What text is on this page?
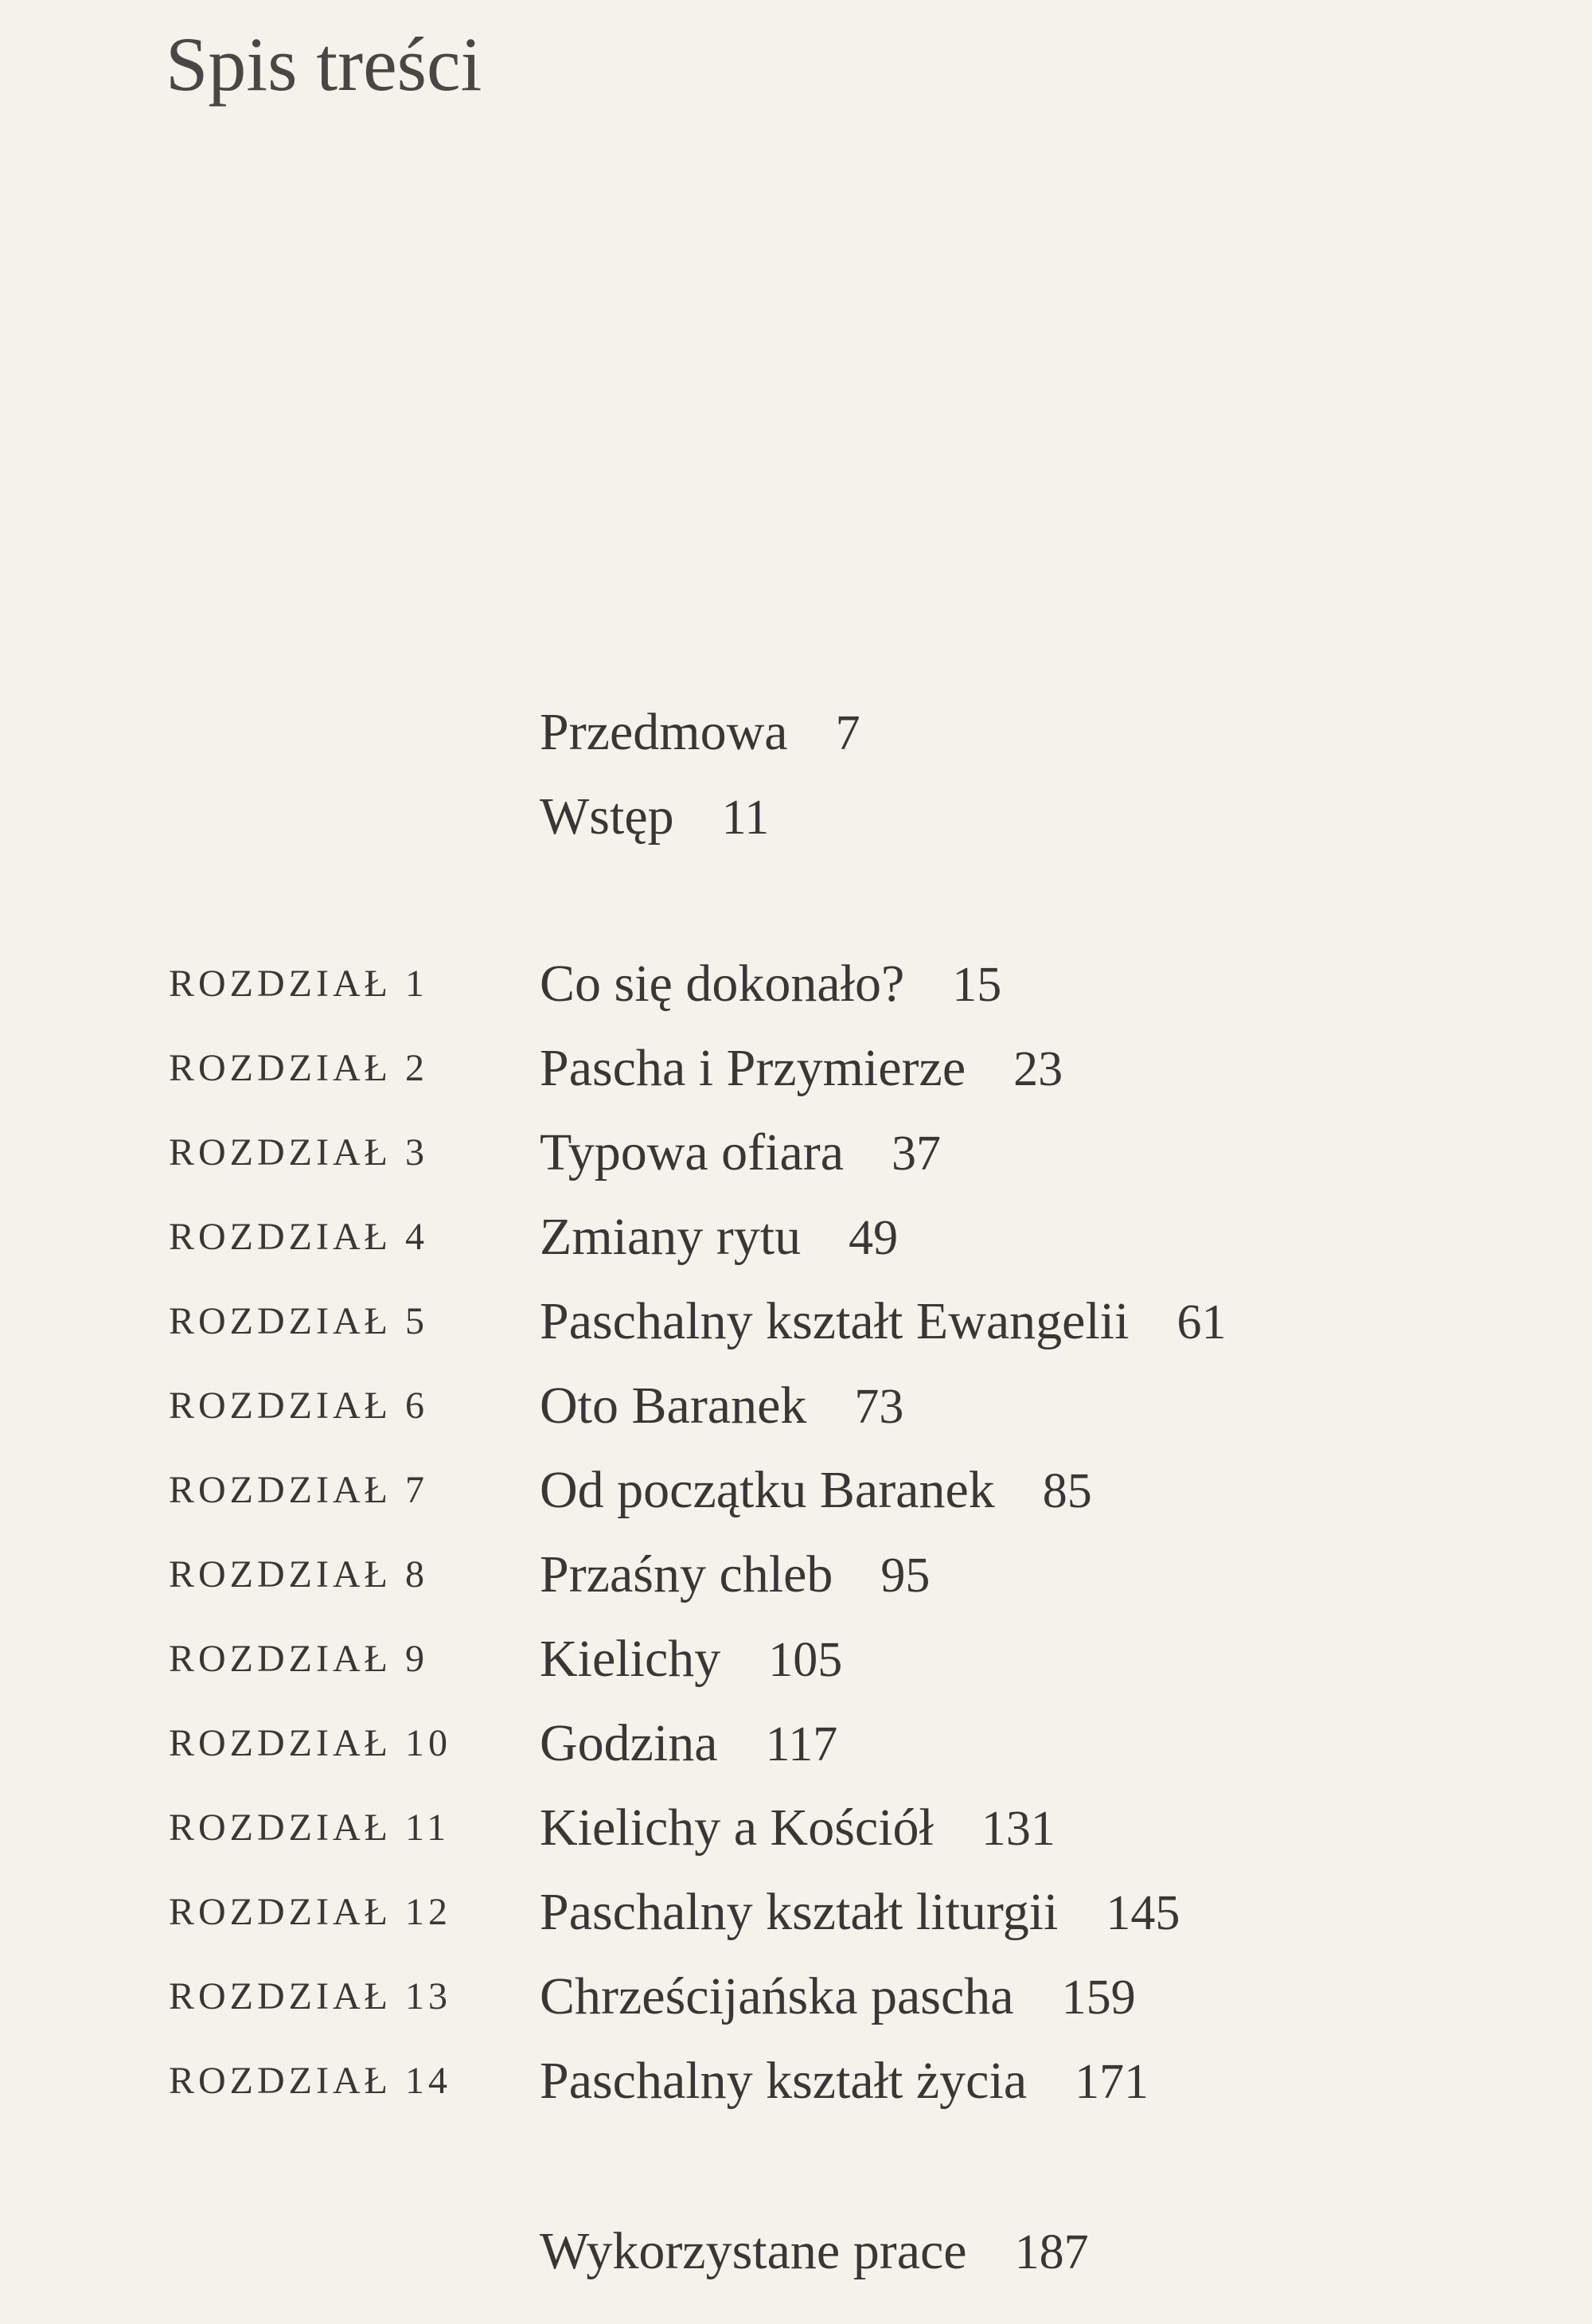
Spis treści
Przedmowa 7
Wstęp 11
ROZDZIAŁ 1 Co się dokonało? 15
ROZDZIAŁ 2 Pascha i Przymierze 23
ROZDZIAŁ 3 Typowa ofiara 37
ROZDZIAŁ 4 Zmiany rytu 49
ROZDZIAŁ 5 Paschalny kształt Ewangelii 61
ROZDZIAŁ 6 Oto Baranek 73
ROZDZIAŁ 7 Od początku Baranek 85
ROZDZIAŁ 8 Przaśny chleb 95
ROZDZIAŁ 9 Kielichy 105
ROZDZIAŁ 10 Godzina 117
ROZDZIAŁ 11 Kielichy a Kościół 131
ROZDZIAŁ 12 Paschalny kształt liturgii 145
ROZDZIAŁ 13 Chrześcijańska pascha 159
ROZDZIAŁ 14 Paschalny kształt życia 171
Wykorzystane prace 187
